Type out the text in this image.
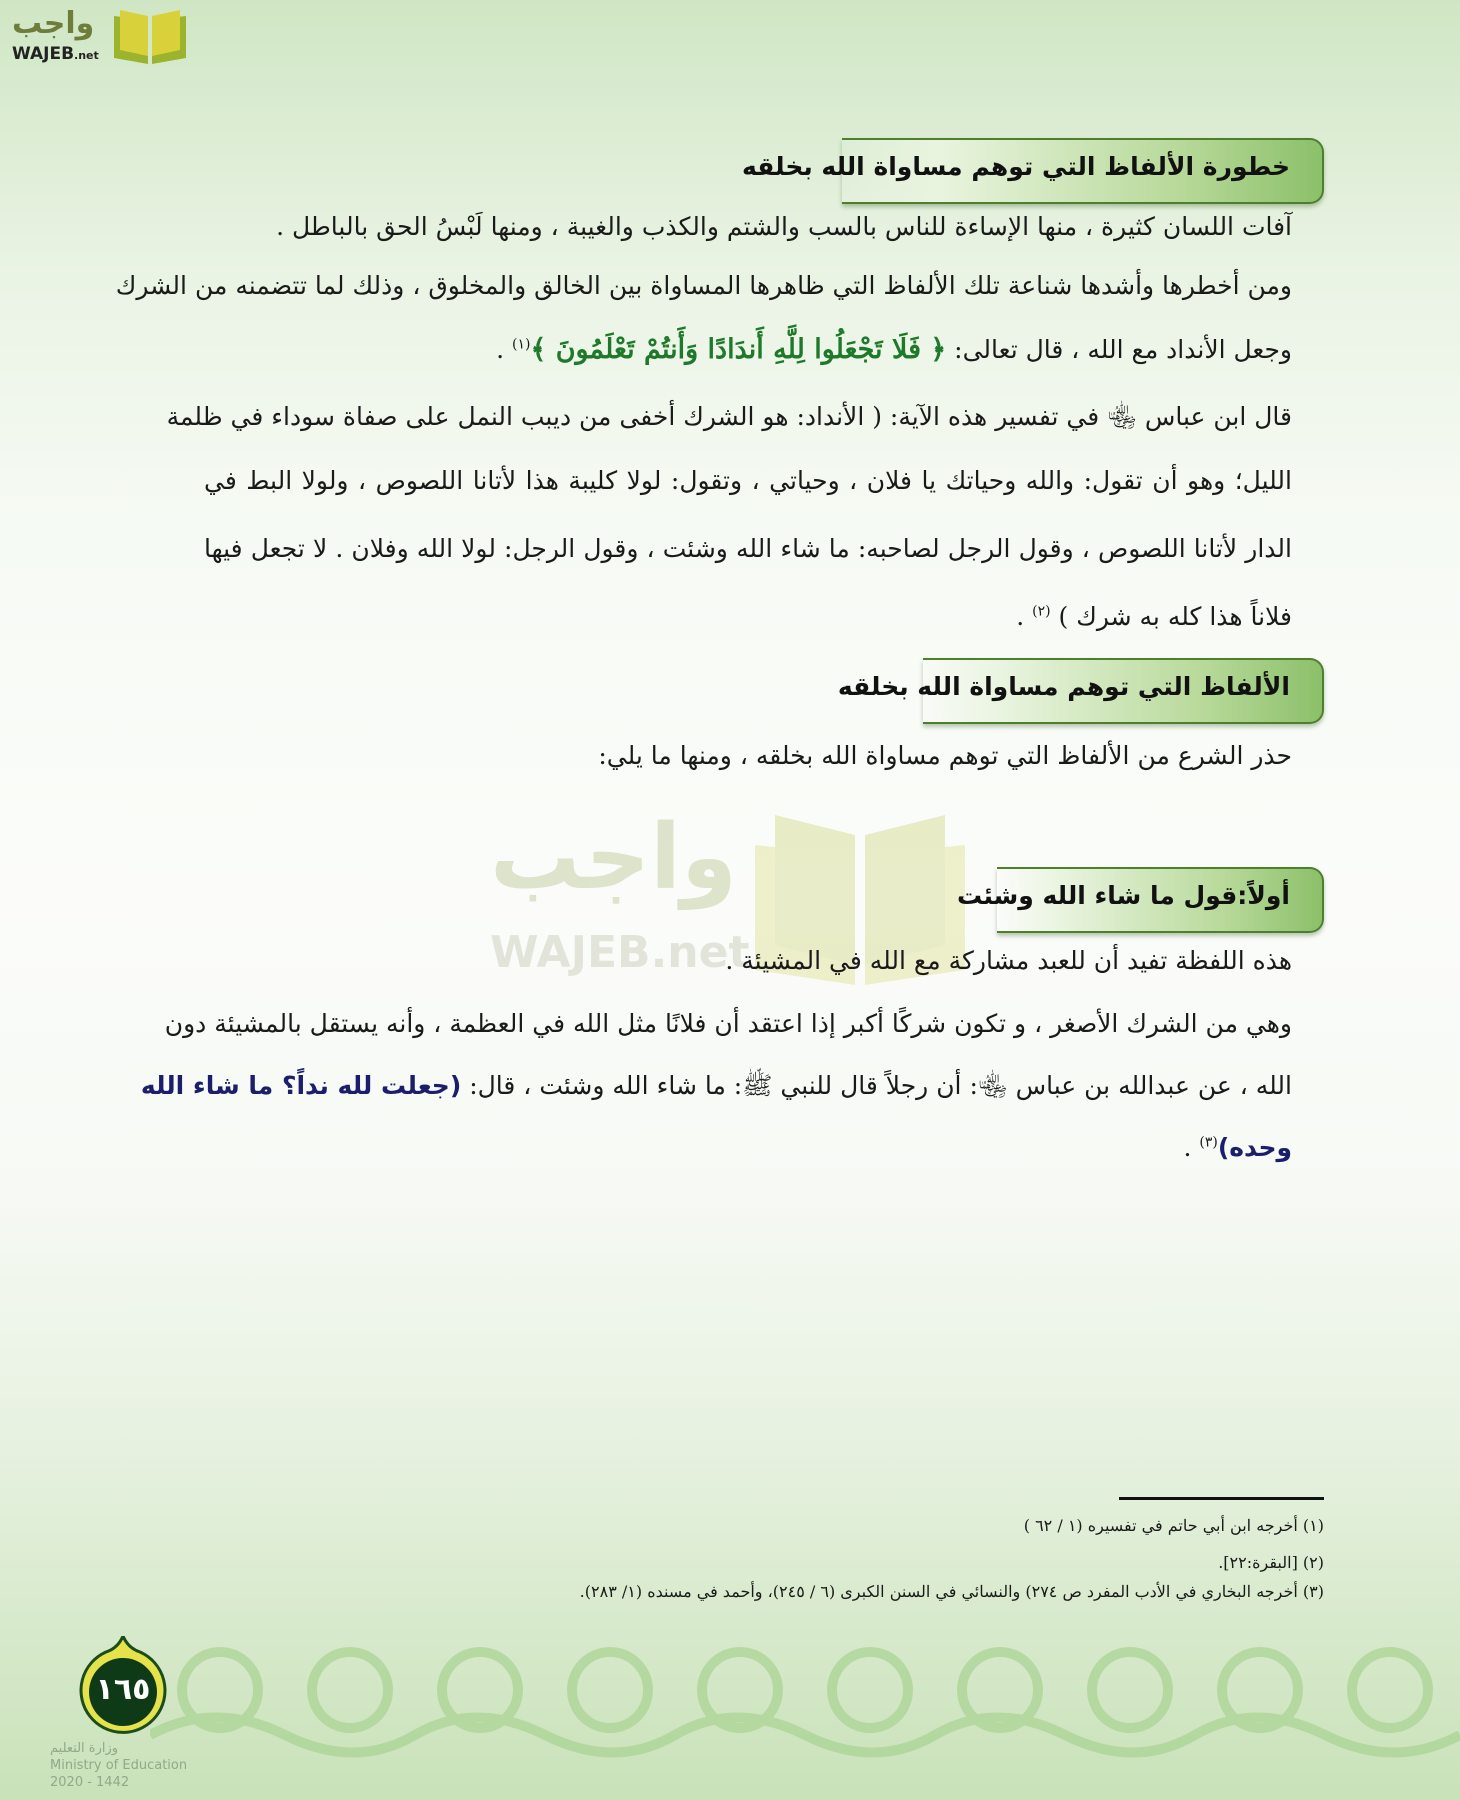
واجب
WAJEB.net
واجب
WAJEB.net
خطورة الألفاظ التي توهم مساواة الله بخلقه
آفات اللسان كثيرة ، منها الإساءة للناس بالسب والشتم والكذب والغيبة ، ومنها لَبْسُ الحق بالباطل .
ومن أخطرها وأشدها شناعة تلك الألفاظ التي ظاهرها المساواة بين الخالق والمخلوق ، وذلك لما تتضمنه من الشرك
وجعل الأنداد مع الله ، قال تعالى: ﴿ فَلَا تَجْعَلُوا لِلَّهِ أَندَادًا وَأَنتُمْ تَعْلَمُونَ ﴾$^{(١)}$ .
قال ابن عباس ﵄ في تفسير هذه الآية: ( الأنداد: هو الشرك أخفى من ديبب النمل على صفاة سوداء في ظلمة
الليل؛ وهو أن تقول: والله وحياتك يا فلان ، وحياتي ، وتقول: لولا كليبة هذا لأتانا اللصوص ، ولولا البط في
الدار لأتانا اللصوص ، وقول الرجل لصاحبه: ما شاء الله وشئت ، وقول الرجل: لولا الله وفلان . لا تجعل فيها
فلاناً هذا كله به شرك ) $^{(٢)}$ .
الألفاظ التي توهم مساواة الله بخلقه
حذر الشرع من الألفاظ التي توهم مساواة الله بخلقه ، ومنها ما يلي:
أولاً:قول ما شاء الله وشئت
هذه اللفظة تفيد أن للعبد مشاركة مع الله في المشيئة .
وهي من الشرك الأصغر ، و تكون شركًا أكبر إذا اعتقد أن فلانًا مثل الله في العظمة ، وأنه يستقل بالمشيئة دون
الله ، عن عبدالله بن عباس ﵄: أن رجلاً قال للنبي ﷺ: ما شاء الله وشئت ، قال: (جعلت لله نداً؟ ما شاء الله
وحده)$^{(٣)}$ .
(١) أخرجه ابن أبي حاتم في تفسيره (١ / ٦٢ )
(٢) [البقرة:٢٢].
(٣) أخرجه البخاري في الأدب المفرد ص ٢٧٤) والنسائي في السنن الكبرى (٦ / ٢٤٥)، وأحمد في مسنده (١/ ٢٨٣).
١٦٥
وزارة التعليم
Ministry of Education
2020 - 1442
